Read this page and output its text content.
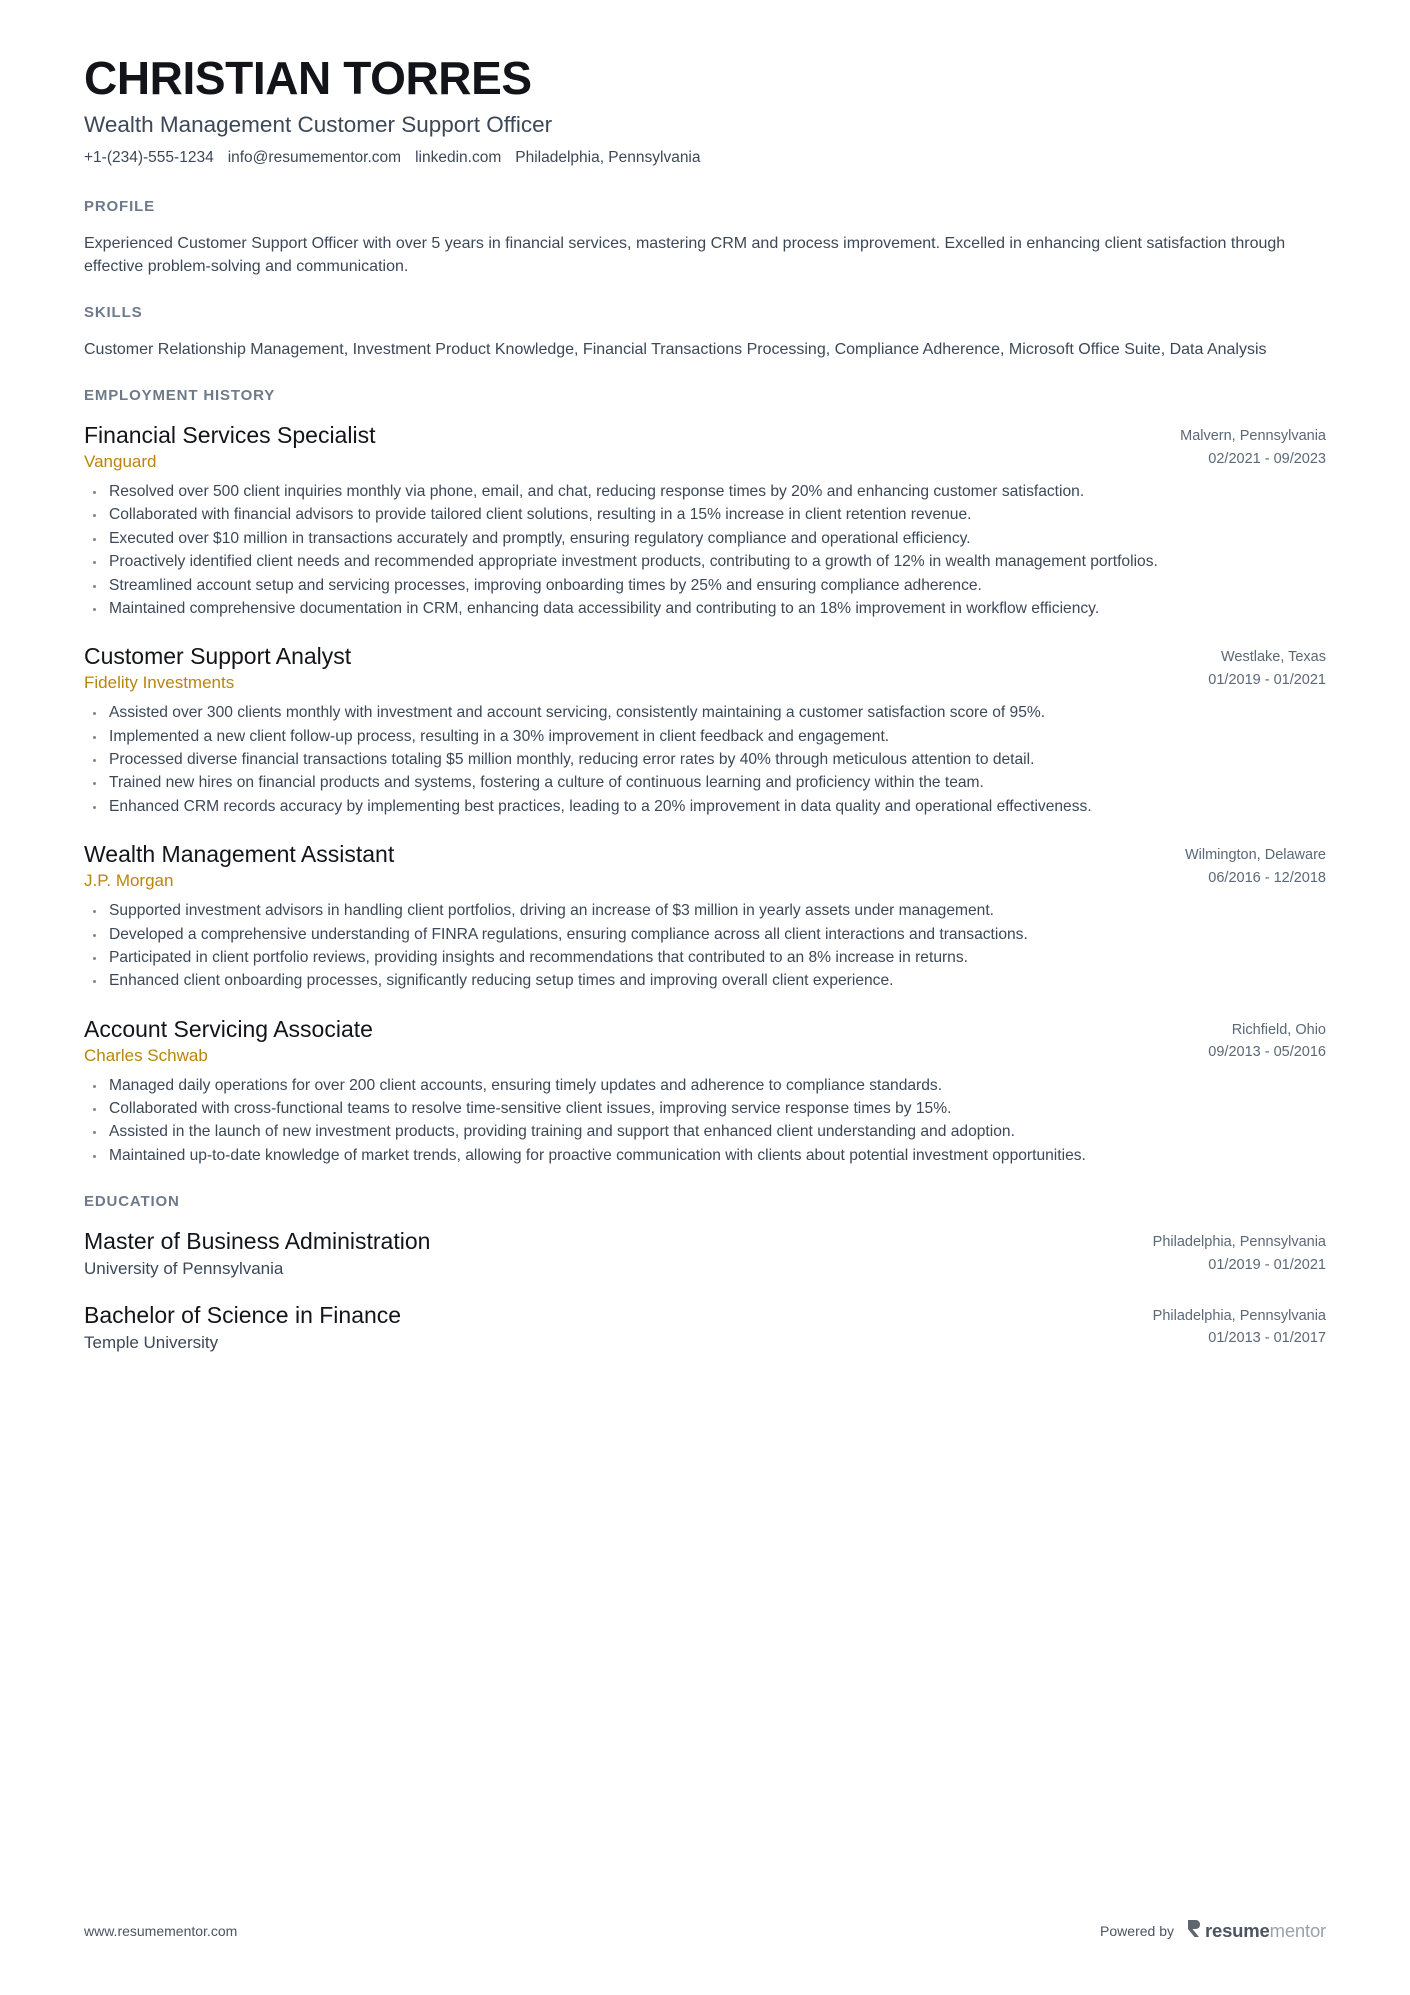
CHRISTIAN TORRES
Wealth Management Customer Support Officer
+1-(234)-555-1234 info@resumementor.com linkedin.com Philadelphia, Pennsylvania
PROFILE
Experienced Customer Support Officer with over 5 years in financial services, mastering CRM and process improvement. Excelled in enhancing client satisfaction through effective problem-solving and communication.
SKILLS
Customer Relationship Management, Investment Product Knowledge, Financial Transactions Processing, Compliance Adherence, Microsoft Office Suite, Data Analysis
EMPLOYMENT HISTORY
Financial Services Specialist
Vanguard
Malvern, Pennsylvania
02/2021 - 09/2023
Resolved over 500 client inquiries monthly via phone, email, and chat, reducing response times by 20% and enhancing customer satisfaction.
Collaborated with financial advisors to provide tailored client solutions, resulting in a 15% increase in client retention revenue.
Executed over $10 million in transactions accurately and promptly, ensuring regulatory compliance and operational efficiency.
Proactively identified client needs and recommended appropriate investment products, contributing to a growth of 12% in wealth management portfolios.
Streamlined account setup and servicing processes, improving onboarding times by 25% and ensuring compliance adherence.
Maintained comprehensive documentation in CRM, enhancing data accessibility and contributing to an 18% improvement in workflow efficiency.
Customer Support Analyst
Fidelity Investments
Westlake, Texas
01/2019 - 01/2021
Assisted over 300 clients monthly with investment and account servicing, consistently maintaining a customer satisfaction score of 95%.
Implemented a new client follow-up process, resulting in a 30% improvement in client feedback and engagement.
Processed diverse financial transactions totaling $5 million monthly, reducing error rates by 40% through meticulous attention to detail.
Trained new hires on financial products and systems, fostering a culture of continuous learning and proficiency within the team.
Enhanced CRM records accuracy by implementing best practices, leading to a 20% improvement in data quality and operational effectiveness.
Wealth Management Assistant
J.P. Morgan
Wilmington, Delaware
06/2016 - 12/2018
Supported investment advisors in handling client portfolios, driving an increase of $3 million in yearly assets under management.
Developed a comprehensive understanding of FINRA regulations, ensuring compliance across all client interactions and transactions.
Participated in client portfolio reviews, providing insights and recommendations that contributed to an 8% increase in returns.
Enhanced client onboarding processes, significantly reducing setup times and improving overall client experience.
Account Servicing Associate
Charles Schwab
Richfield, Ohio
09/2013 - 05/2016
Managed daily operations for over 200 client accounts, ensuring timely updates and adherence to compliance standards.
Collaborated with cross-functional teams to resolve time-sensitive client issues, improving service response times by 15%.
Assisted in the launch of new investment products, providing training and support that enhanced client understanding and adoption.
Maintained up-to-date knowledge of market trends, allowing for proactive communication with clients about potential investment opportunities.
EDUCATION
Master of Business Administration
University of Pennsylvania
Philadelphia, Pennsylvania
01/2019 - 01/2021
Bachelor of Science in Finance
Temple University
Philadelphia, Pennsylvania
01/2013 - 01/2017
www.resumementor.com	Powered by resumementor
